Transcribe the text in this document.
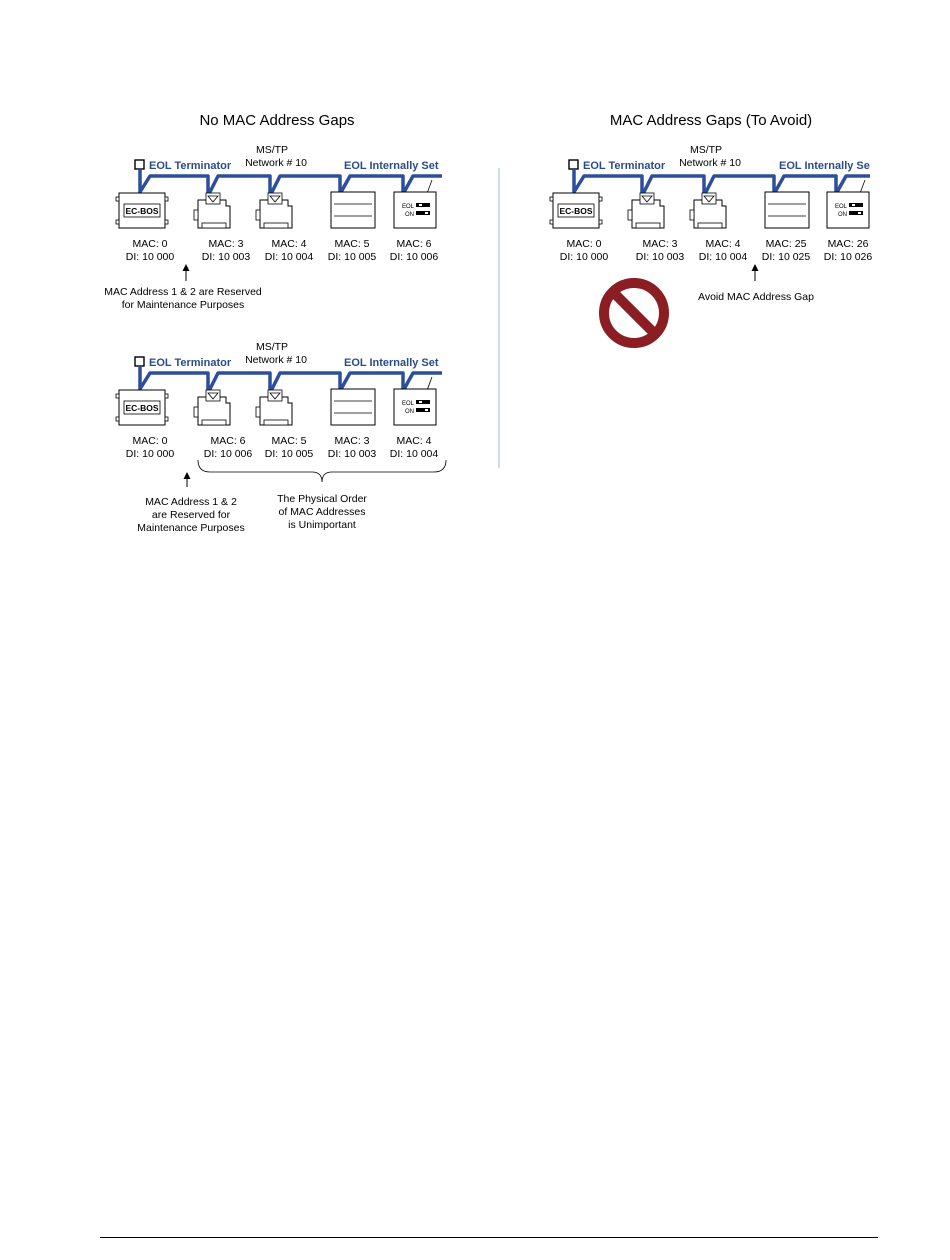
No MAC Address Gaps
MS/TP
Network # 10
EOL Terminator	EOL Internally Set
EC-BOS	EOL
ON
MAC: 0
DI: 10 000
MAC: 3
DI: 10 003
MAC: 4
DI: 10 004
MAC: 5
DI: 10 005
MAC: 6
DI: 10 006
MAC Address 1 & 2 are Reserved
for Maintenance Purposes
MS/TP
Network # 10
EOL Terminator	EOL Internally Set
EC-BOS	EOL
ON
MAC: 0
DI: 10 000
MAC: 6
DI: 10 006
MAC: 5
DI: 10 005
MAC: 3
DI: 10 003
MAC: 4
DI: 10 004
MAC Address 1 & 2
are Reserved for
Maintenance Purposes
The Physical Order
of MAC Addresses
is Unimportant
MAC Address Gaps (To Avoid)
MS/TP
Network # 10
EOL Terminator	EOL Internally Se
EC-BOS	EOL
ON
MAC: 0
DI: 10 000
MAC: 3
DI: 10 003
MAC: 4
DI: 10 004
MAC: 25
DI: 10 025
MAC: 26
DI: 10 026
Avoid MAC Address Gap
